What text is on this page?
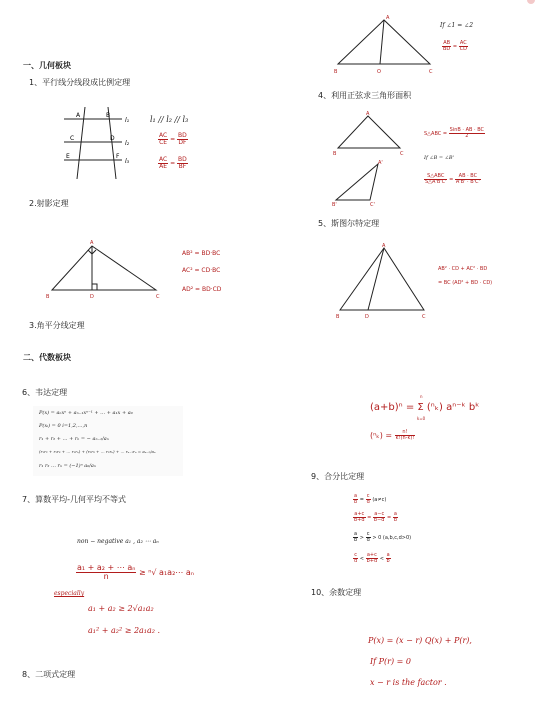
一、几何板块
1、平行线分线段成比例定理
A	B
C	D
E	F
l₁
l₂
l₃
l₁ // l₂ // l₃
$\frac{AC}{CE} = \frac{BD}{DF}$
$\frac{AC}{AE} = \frac{BD}{BF}$
2.射影定理
A
B	D	C
AB² = BD·BC
AC² = CD·BC
AD² = BD·CD
3.角平分线定理
二、代数板块
6、韦达定理
P(x) = aₙxⁿ + aₙ₋₁xⁿ⁻¹ + … + a₁x + a₀
P(xᵢ) = 0 i=1,2,…,n
r₁ + r₂ + … + rₙ = − aₙ₋₁/aₙ
(r₁r₂ + r₁r₃ + … r₁rₙ) + (r₂r₃ + … r₂rₙ) + … rₙ₋₁rₙ = aₙ₋₂/aₙ
r₁ r₂ … rₙ = (−1)ⁿ a₀/aₙ
7、算数平均-几何平均不等式
non − negative a₁ , a₂ ⋯ aₙ
$\frac{\text{a₁ + a₂ + ⋯ aₙ}}{n} \ge ^n√$ a₁a₂⋯ aₙ
especially
a₁ + a₂ ≥ 2√a₁a₂
a₁² + a₂² ≥ 2a₁a₂ .
8、二项式定理
A
B	O	C
If ∠1 = ∠2
$\frac{AB}{BD} = \frac{AC}{CD}$
4、利用正弦求三角形面积
A
B	C
A'
B'	C'
S△ABC = $\frac{\text{SinB · AB · BC}}{2}$
If ∠B = ∠B'
$\frac{\text{S△ABC}}{S\triangle A'B'C'} = \frac{AB \cdot BC}{A'B' \cdot B'C'}$
5、斯图尔特定理
A
B	D	C
AB² · CD + AC² · BD
= BC (AD² + BD · CD)
(a+b)ⁿ = Σ (ⁿₖ) aⁿ⁻ᵏ bᵏ
n
k=0
$(^n_k) = \frac{n!}{k!(n-k)!}$
9、合分比定理
$\frac{a}{b} = \frac{c}{d} (a\ne c)$
$\frac{a+c}{b+d} = \frac{a-c}{b-d} = \frac{a}{b}$
$\frac{a}{b} > \frac{c}{d} > 0$ (a,b,c,d>0)
$\frac{c}{d} < \frac{a+c}{b+d} < \frac{a}{b}$
10、余数定理
P(x) = (x − r) Q(x) + P(r),
If P(r) = 0
x − r is the factor .
